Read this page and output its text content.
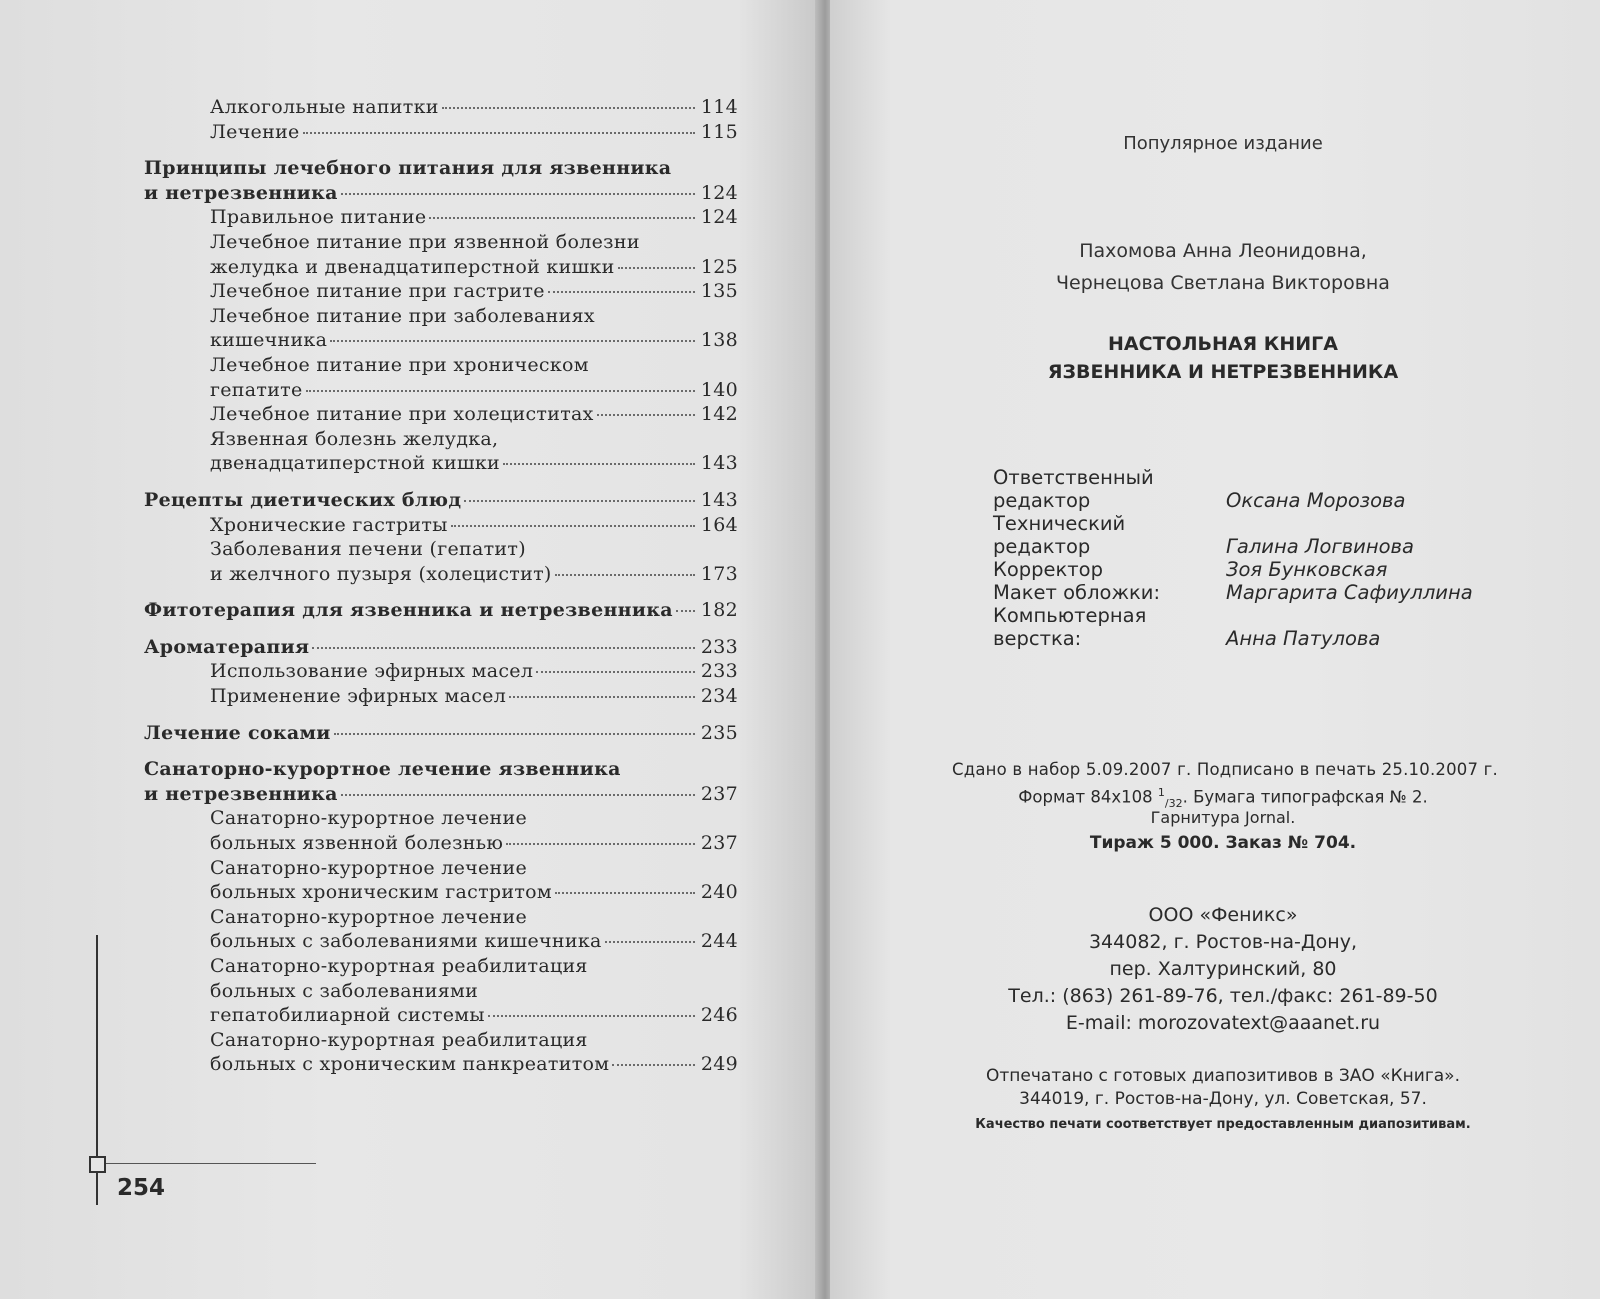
Алкогольные напитки	114
Лечение	115
Принципы лечебного питания для язвенника
и нетрезвенника	124
Правильное питание	124
Лечебное питание при язвенной болезни
желудка и двенадцатиперстной кишки	125
Лечебное питание при гастрите	135
Лечебное питание при заболеваниях
кишечника	138
Лечебное питание при хроническом
гепатите	140
Лечебное питание при холециститах	142
Язвенная болезнь желудка,
двенадцатиперстной кишки	143
Рецепты диетических блюд	143
Хронические гастриты	164
Заболевания печени (гепатит)
и желчного пузыря (холецистит)	173
Фитотерапия для язвенника и нетрезвенника 182
Ароматерапия	233
Использование эфирных масел	233
Применение эфирных масел	234
Лечение соками	235
Санаторно-курортное лечение язвенника
и нетрезвенника	237
Санаторно-курортное лечение
больных язвенной болезнью	237
Санаторно-курортное лечение
больных хроническим гастритом	240
Санаторно-курортное лечение
больных с заболеваниями кишечника	244
Санаторно-курортная реабилитация
больных с заболеваниями
гепатобилиарной системы	246
Санаторно-курортная реабилитация
больных с хроническим панкреатитом	249
254
Популярное издание
Пахомова Анна Леонидовна,
Чернецова Светлана Викторовна
НАСТОЛЬНАЯ КНИГА
ЯЗВЕННИКА И НЕТРЕЗВЕННИКА
Ответственный
редактор	Оксана Морозова
Технический
редактор	Галина Логвинова
Корректор	Зоя Бунковская
Макет обложки:	Маргарита Сафиуллина
Компьютерная
верстка:	Анна Патулова
Сдано в набор 5.09.2007 г. Подписано в печать 25.10.2007 г.
Формат 84x108 $^1_{/32}$. Бумага типографская № 2.
Гарнитура Jornal.
Тираж 5 000. Заказ № 704.
ООО «Феникс»
344082, г. Ростов-на-Дону,
пер. Халтуринский, 80
Тел.: (863) 261-89-76, тел./факс: 261-89-50
E-mail: morozovatext@aaanet.ru
Отпечатано с готовых диапозитивов в ЗАО «Книга».
344019, г. Ростов-на-Дону, ул. Советская, 57.
Качество печати соответствует предоставленным диапозитивам.
